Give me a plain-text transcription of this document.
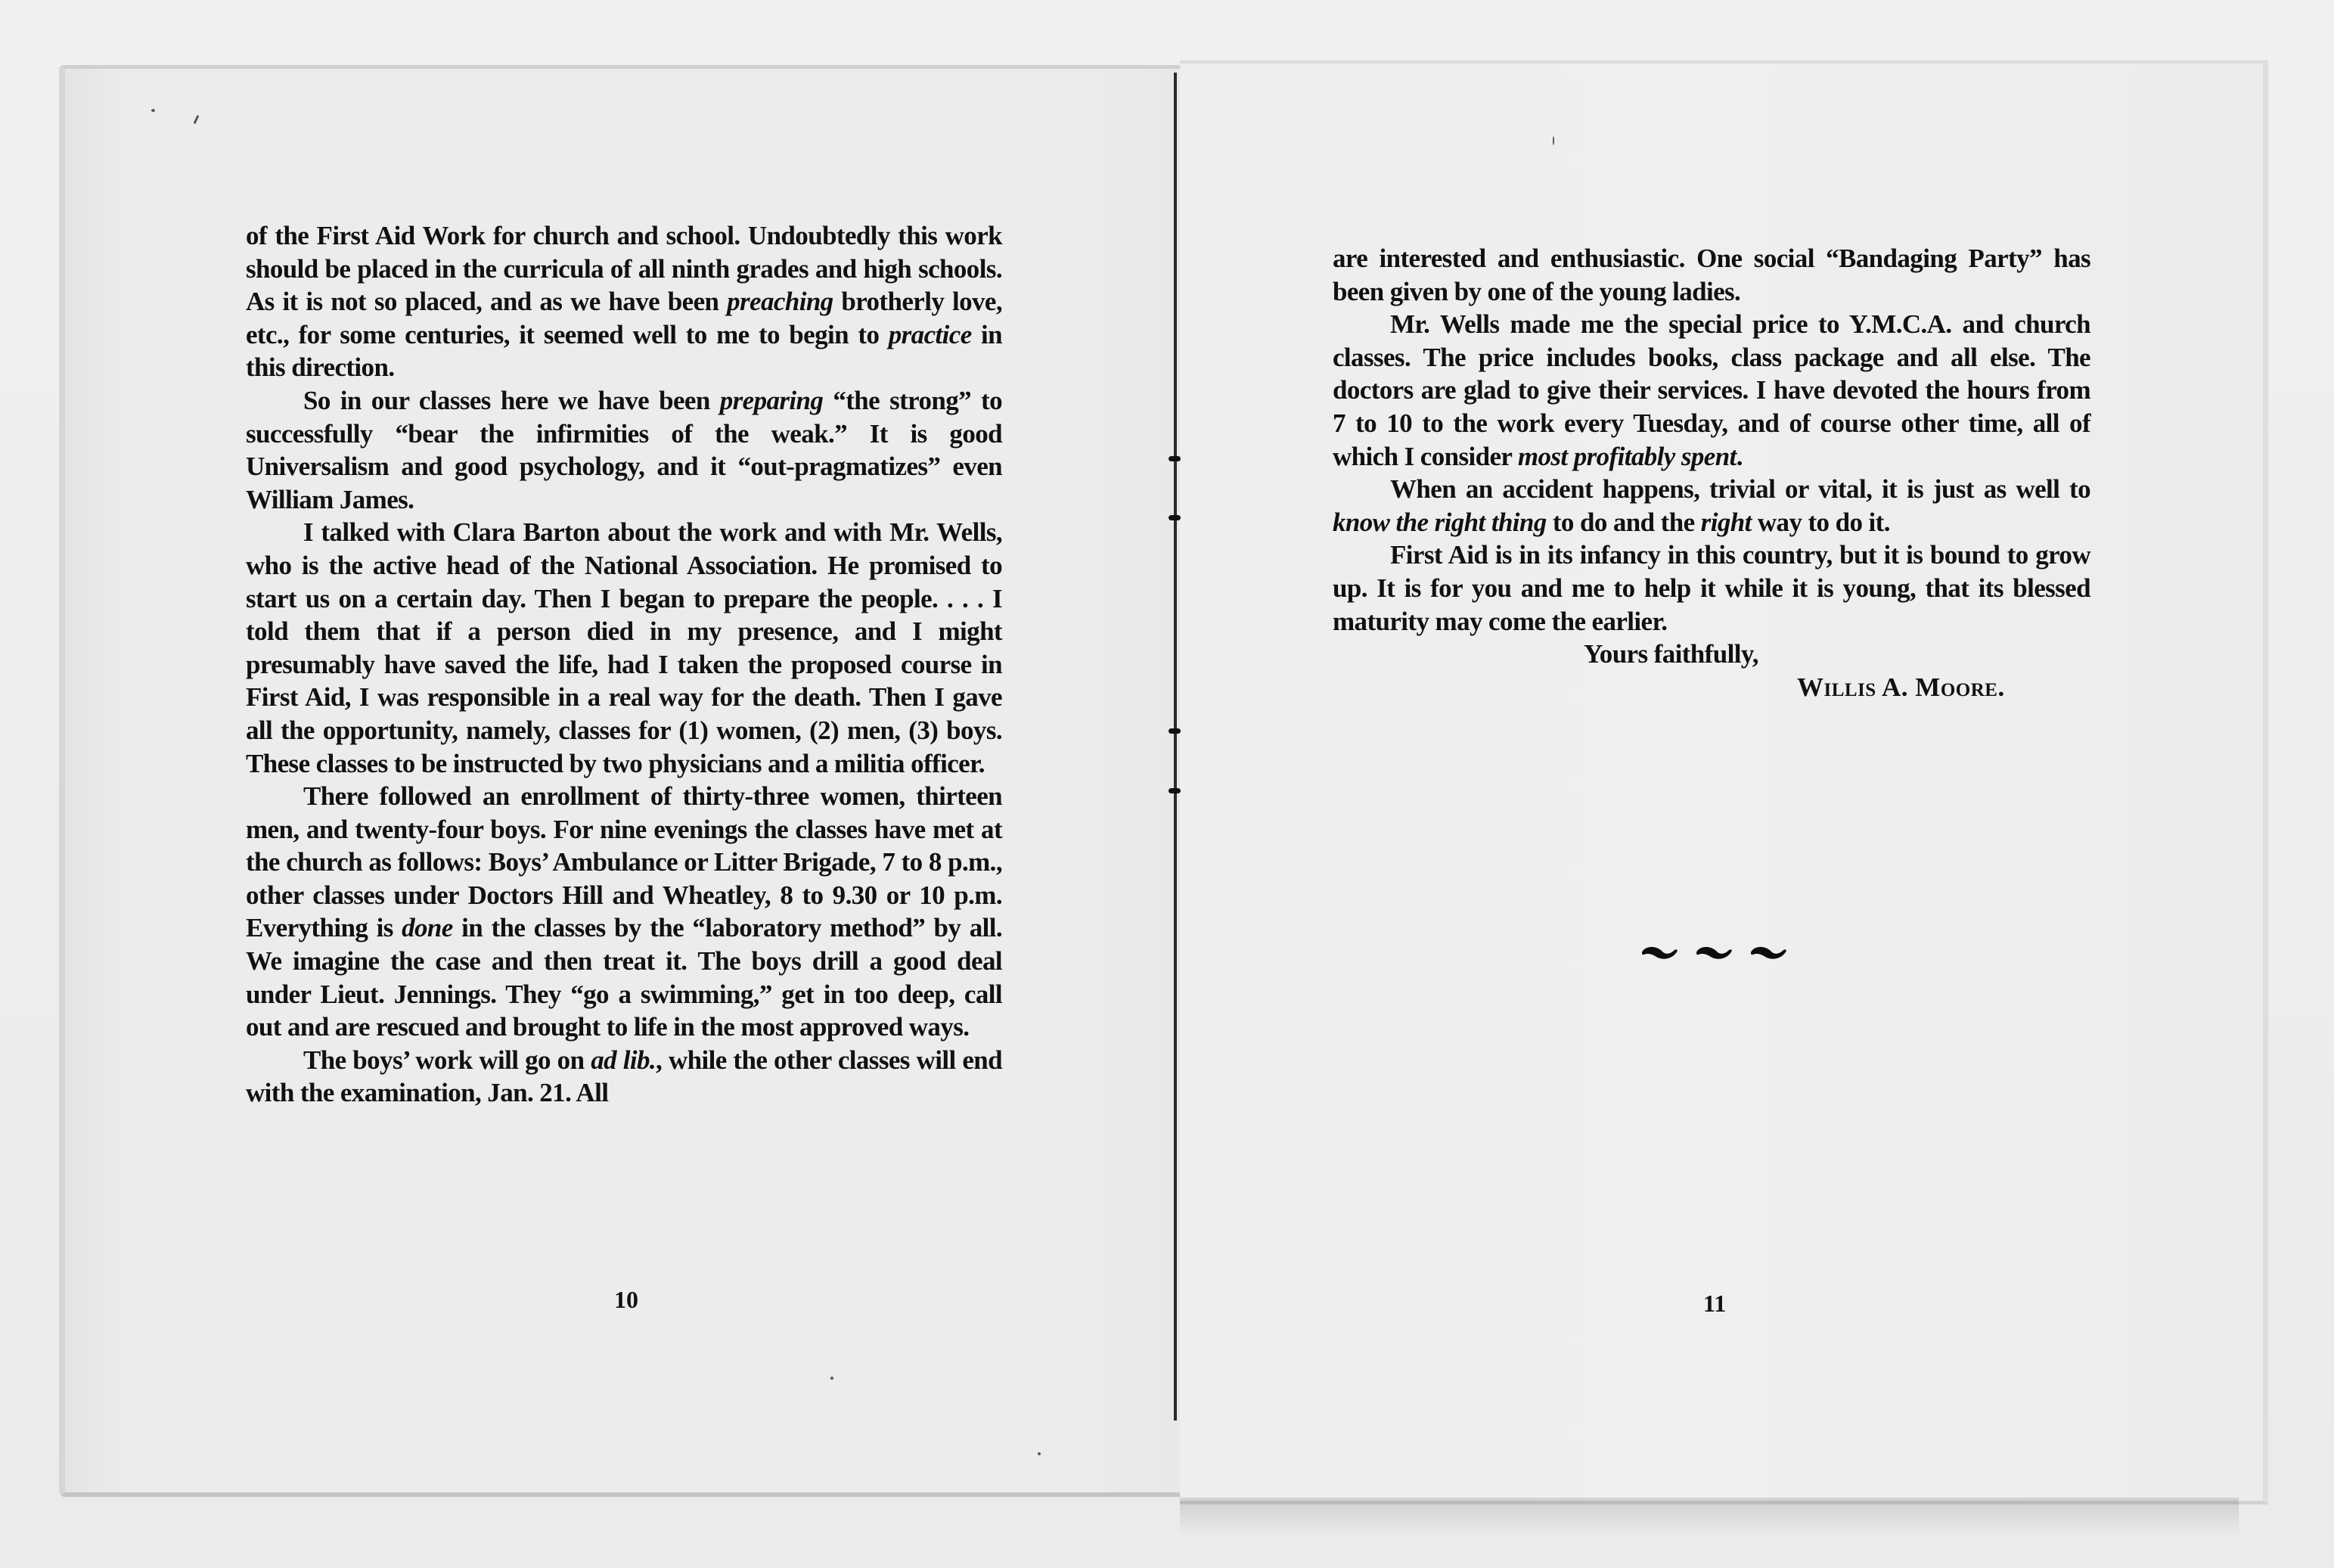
of the First Aid Work for church and school. Undoubtedly this work should be placed in the curricula of all ninth grades and high schools. As it is not so placed, and as we have been preaching brotherly love, etc., for some centuries, it seemed well to me to begin to practice in this direction.

So in our classes here we have been preparing “the strong” to successfully “bear the infirmities of the weak.” It is good Universalism and good psychology, and it “out-pragmatizes” even William James.

I talked with Clara Barton about the work and with Mr. Wells, who is the active head of the National Association. He promised to start us on a certain day. Then I began to prepare the people. . . . I told them that if a person died in my presence, and I might presumably have saved the life, had I taken the proposed course in First Aid, I was responsible in a real way for the death. Then I gave all the opportunity, namely, classes for (1) women, (2) men, (3) boys. These classes to be instructed by two physicians and a militia officer.

There followed an enrollment of thirty-three women, thirteen men, and twenty-four boys. For nine evenings the classes have met at the church as follows: Boys’ Ambulance or Litter Brigade, 7 to 8 p.m., other classes under Doctors Hill and Wheatley, 8 to 9.30 or 10 p.m. Everything is done in the classes by the “laboratory method” by all. We imagine the case and then treat it. The boys drill a good deal under Lieut. Jennings. They “go a swimming,” get in too deep, call out and are rescued and brought to life in the most approved ways.

The boys’ work will go on ad lib., while the other classes will end with the examination, Jan. 21. All

10

are interested and enthusiastic. One social “Bandaging Party” has been given by one of the young ladies.

Mr. Wells made me the special price to Y.M.C.A. and church classes. The price includes books, class package and all else. The doctors are glad to give their services. I have devoted the hours from 7 to 10 to the work every Tuesday, and of course other time, all of which I consider most profitably spent.

When an accident happens, trivial or vital, it is just as well to know the right thing to do and the right way to do it.

First Aid is in its infancy in this country, but it is bound to grow up. It is for you and me to help it while it is young, that its blessed maturity may come the earlier.

Yours faithfully,

Willis A. Moore.

11
